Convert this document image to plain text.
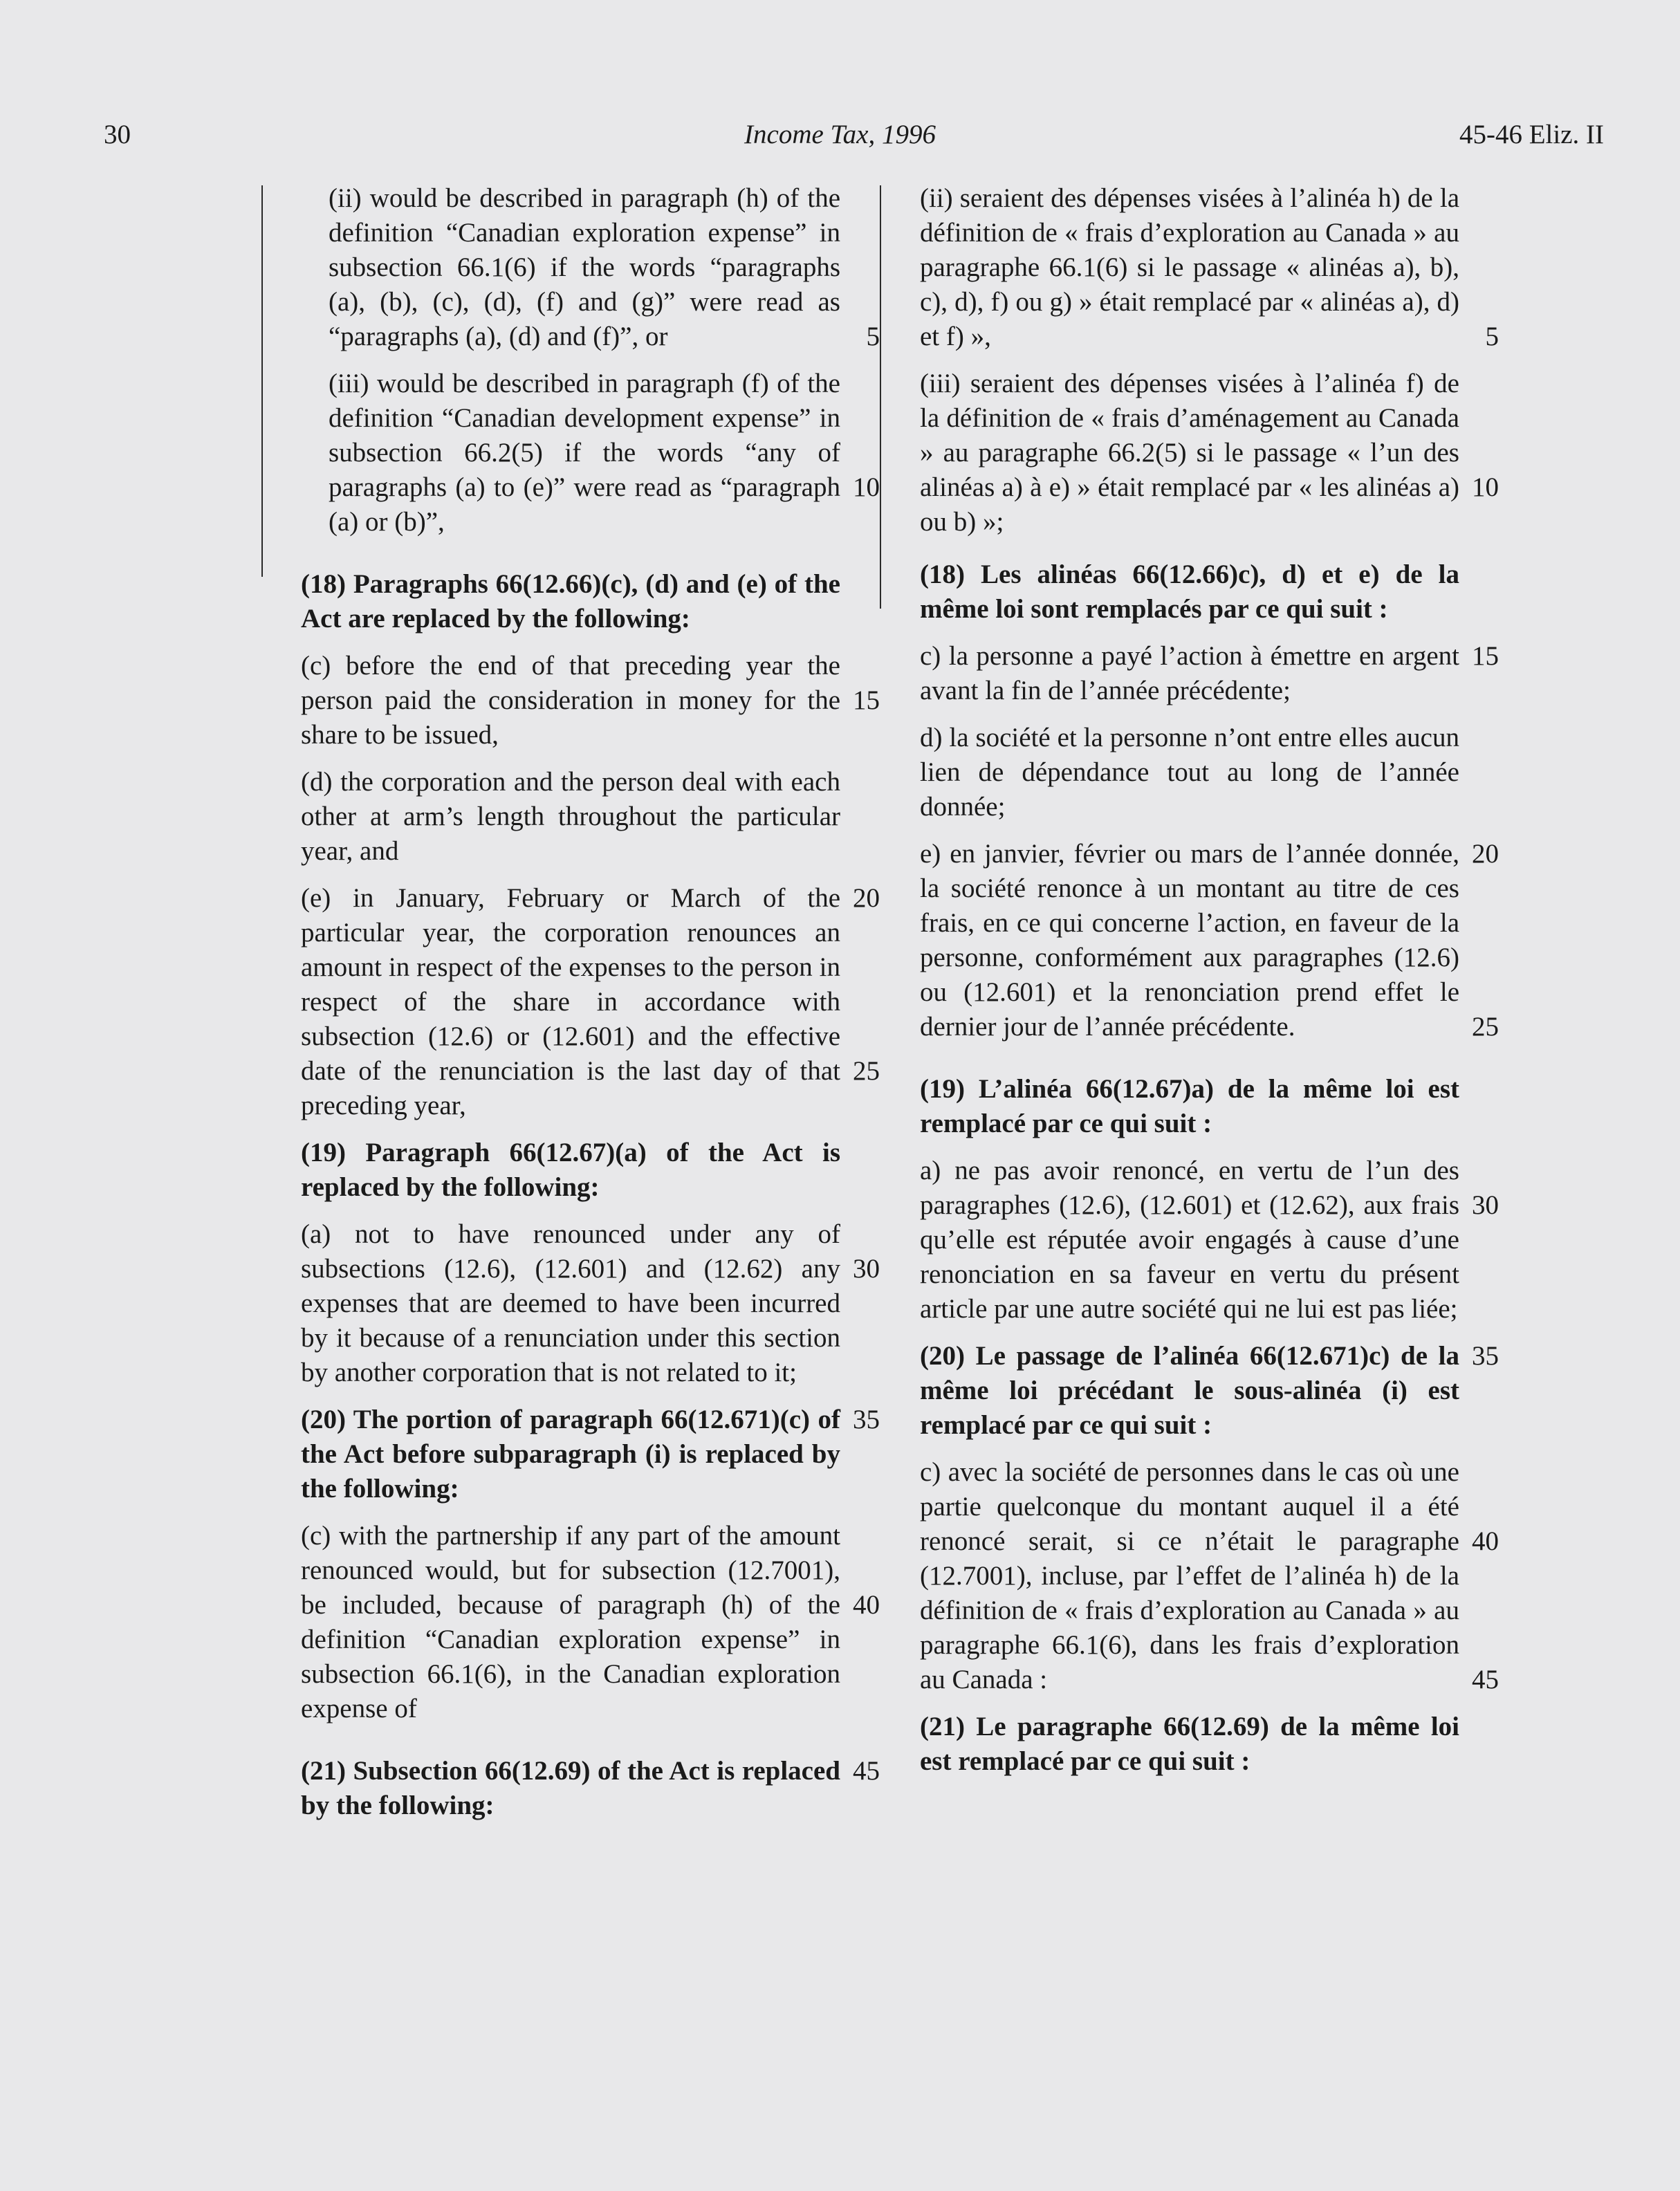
30	Income Tax, 1996	45-46 Eliz. II

(ii) would be described in paragraph (h) of the definition “Canadian exploration expense” in subsection 66.1(6) if the words “paragraphs (a), (b), (c), (d), (f) and (g)” were read as “paragraphs (a), (d) and (f)”, or	5

(iii) would be described in paragraph (f) of the definition “Canadian development expense” in subsection 66.2(5) if the words “any of paragraphs (a) to (e)” were read as “paragraph (a) or (b)”,

10

(18) Paragraphs 66(12.66)(c), (d) and (e) of the Act are replaced by the following:

(c) before the end of that preceding year the person paid the consideration in money for the share to be issued,

15

(d) the corporation and the person deal with each other at arm’s length throughout the particular year, and

(e) in January, February or March of the particular year, the corporation renounces an amount in respect of the expenses to the person in respect of the share in accordance with subsection (12.6) or (12.601) and the effective date of the renunciation is the last day of that preceding year,

20
25

(19) Paragraph 66(12.67)(a) of the Act is replaced by the following:

(a) not to have renounced under any of subsections (12.6), (12.601) and (12.62) any expenses that are deemed to have been incurred by it because of a renunciation under this section by another corporation that is not related to it;

30

(20) The portion of paragraph 66(12.671)(c) of the Act before subparagraph (i) is replaced by the following:

35

(c) with the partnership if any part of the amount renounced would, but for subsection (12.7001), be included, because of paragraph (h) of the definition “Canadian exploration expense” in subsection 66.1(6), in the Canadian exploration expense of

40

(21) Subsection 66(12.69) of the Act is replaced by the following:

45

(ii) seraient des dépenses visées à l’alinéa h) de la définition de « frais d’exploration au Canada » au paragraphe 66.1(6) si le passage « alinéas a), b), c), d), f) ou g) » était remplacé par « alinéas a), d) et f) »,	5

(iii) seraient des dépenses visées à l’alinéa f) de la définition de « frais d’aménagement au Canada » au paragraphe 66.2(5) si le passage « l’un des alinéas a) à e) » était remplacé par « les alinéas a) ou b) »;

10

(18) Les alinéas 66(12.66)c), d) et e) de la même loi sont remplacés par ce qui suit :

c) la personne a payé l’action à émettre en argent avant la fin de l’année précédente;

15

d) la société et la personne n’ont entre elles aucun lien de dépendance tout au long de l’année donnée;

e) en janvier, février ou mars de l’année donnée, la société renonce à un montant au titre de ces frais, en ce qui concerne l’action, en faveur de la personne, conformément aux paragraphes (12.6) ou (12.601) et la renonciation prend effet le dernier jour de l’année précédente.

20
25

(19) L’alinéa 66(12.67)a) de la même loi est remplacé par ce qui suit :

a) ne pas avoir renoncé, en vertu de l’un des paragraphes (12.6), (12.601) et (12.62), aux frais qu’elle est réputée avoir engagés à cause d’une renonciation en sa faveur en vertu du présent article par une autre société qui ne lui est pas liée;

30

(20) Le passage de l’alinéa 66(12.671)c) de la même loi précédant le sous-alinéa (i) est remplacé par ce qui suit :

35

c) avec la société de personnes dans le cas où une partie quelconque du montant auquel il a été renoncé serait, si ce n’était le paragraphe (12.7001), incluse, par l’effet de l’alinéa h) de la définition de « frais d’exploration au Canada » au paragraphe 66.1(6), dans les frais d’exploration au Canada :

40
45

(21) Le paragraphe 66(12.69) de la même loi est remplacé par ce qui suit :
